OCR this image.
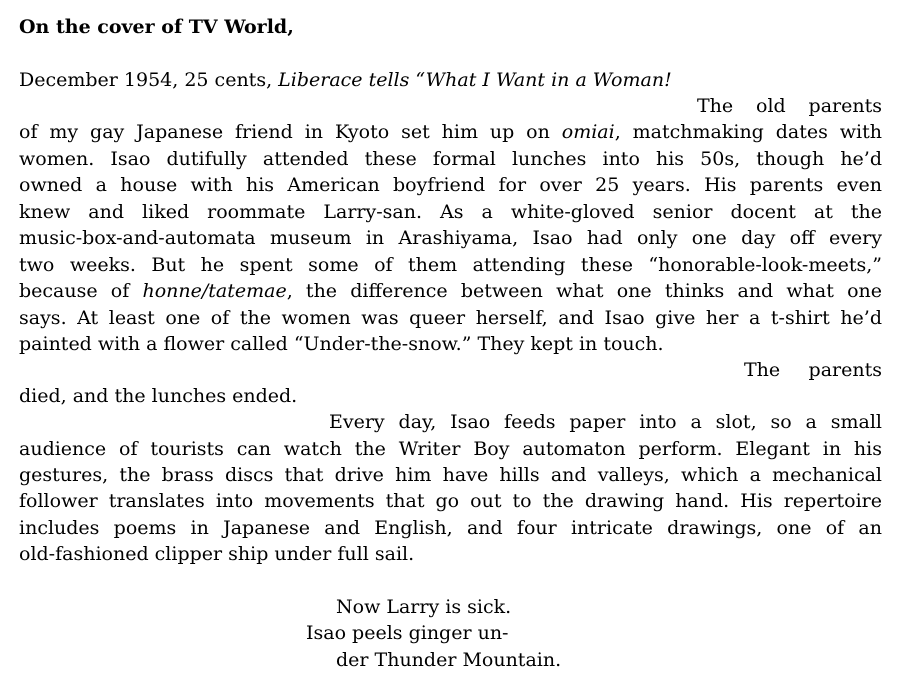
On the cover of TV World,
December 1954, 25 cents, Liberace tells “What I Want in a Woman!
The old parents
of my gay Japanese friend in Kyoto set him up on omiai, matchmaking dates with
women. Isao dutifully attended these formal lunches into his 50s, though he’d
owned a house with his American boyfriend for over 25 years. His parents even
knew and liked roommate Larry-san. As a white-gloved senior docent at the
music-box-and-automata museum in Arashiyama, Isao had only one day off every
two weeks. But he spent some of them attending these “honorable-look-meets,”
because of honne/tatemae, the difference between what one thinks and what one
says. At least one of the women was queer herself, and Isao give her a t-shirt he’d
painted with a flower called “Under-the-snow.” They kept in touch.
The parents
died, and the lunches ended.
Every day, Isao feeds paper into a slot, so a small
audience of tourists can watch the Writer Boy automaton perform. Elegant in his
gestures, the brass discs that drive him have hills and valleys, which a mechanical
follower translates into movements that go out to the drawing hand. His repertoire
includes poems in Japanese and English, and four intricate drawings, one of an
old-fashioned clipper ship under full sail.
Now Larry is sick.
Isao peels ginger un-
der Thunder Mountain.
